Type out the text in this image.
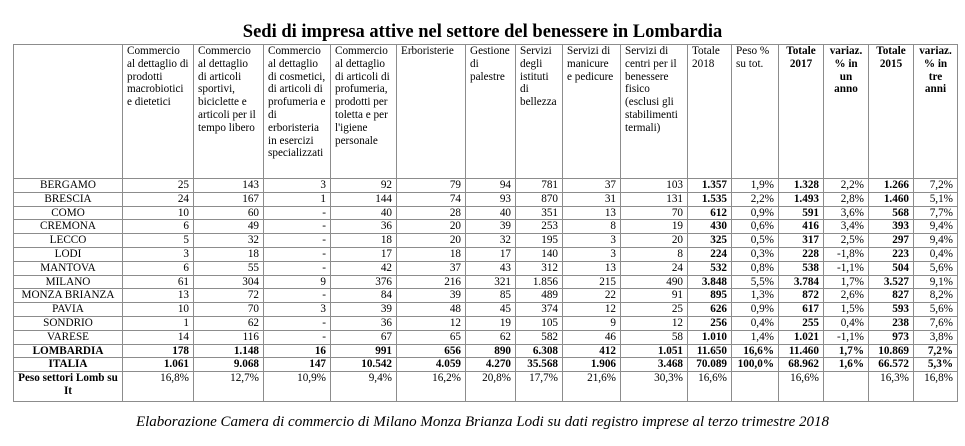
Sedi di impresa attive nel settore del benessere in Lombardia
	Commercio al dettaglio di prodotti macrobiotici e dietetici	Commercio al dettaglio di articoli sportivi, biciclette e articoli per il tempo libero	Commercio al dettaglio di cosmetici, di articoli di profumeria e di erboristeria in esercizi specializzati	Commercio al dettaglio di articoli di profumeria, prodotti per toletta e per l'igiene personale	Erboristerie	Gestione di palestre	Servizi degli istituti di bellezza	Servizi di manicure e pedicure	Servizi di centri per il benessere fisico (esclusi gli stabilimenti termali)	Totale 2018	Peso % su tot.	Totale 2017	variaz. % in un anno	Totale 2015	variaz. % in tre anni
BERGAMO	25	143	3	92	79	94	781	37	103	1.357	1,9%	1.328	2,2%	1.266	7,2%
BRESCIA	24	167	1	144	74	93	870	31	131	1.535	2,2%	1.493	2,8%	1.460	5,1%
COMO	10	60	-	40	28	40	351	13	70	612	0,9%	591	3,6%	568	7,7%
CREMONA	6	49	-	36	20	39	253	8	19	430	0,6%	416	3,4%	393	9,4%
LECCO	5	32	-	18	20	32	195	3	20	325	0,5%	317	2,5%	297	9,4%
LODI	3	18	-	17	18	17	140	3	8	224	0,3%	228	-1,8%	223	0,4%
MANTOVA	6	55	-	42	37	43	312	13	24	532	0,8%	538	-1,1%	504	5,6%
MILANO	61	304	9	376	216	321	1.856	215	490	3.848	5,5%	3.784	1,7%	3.527	9,1%
MONZA BRIANZA	13	72	-	84	39	85	489	22	91	895	1,3%	872	2,6%	827	8,2%
PAVIA	10	70	3	39	48	45	374	12	25	626	0,9%	617	1,5%	593	5,6%
SONDRIO	1	62	-	36	12	19	105	9	12	256	0,4%	255	0,4%	238	7,6%
VARESE	14	116	-	67	65	62	582	46	58	1.010	1,4%	1.021	-1,1%	973	3,8%
LOMBARDIA	178	1.148	16	991	656	890	6.308	412	1.051	11.650	16,6%	11.460	1,7%	10.869	7,2%
ITALIA	1.061	9.068	147	10.542	4.059	4.270	35.568	1.906	3.468	70.089	100,0%	68.962	1,6%	66.572	5,3%
Peso settori Lomb su It	16,8%	12,7%	10,9%	9,4%	16,2%	20,8%	17,7%	21,6%	30,3%	16,6%		16,6%		16,3%	16,8%
Elaborazione Camera di commercio di Milano Monza Brianza Lodi su dati registro imprese al terzo trimestre 2018
